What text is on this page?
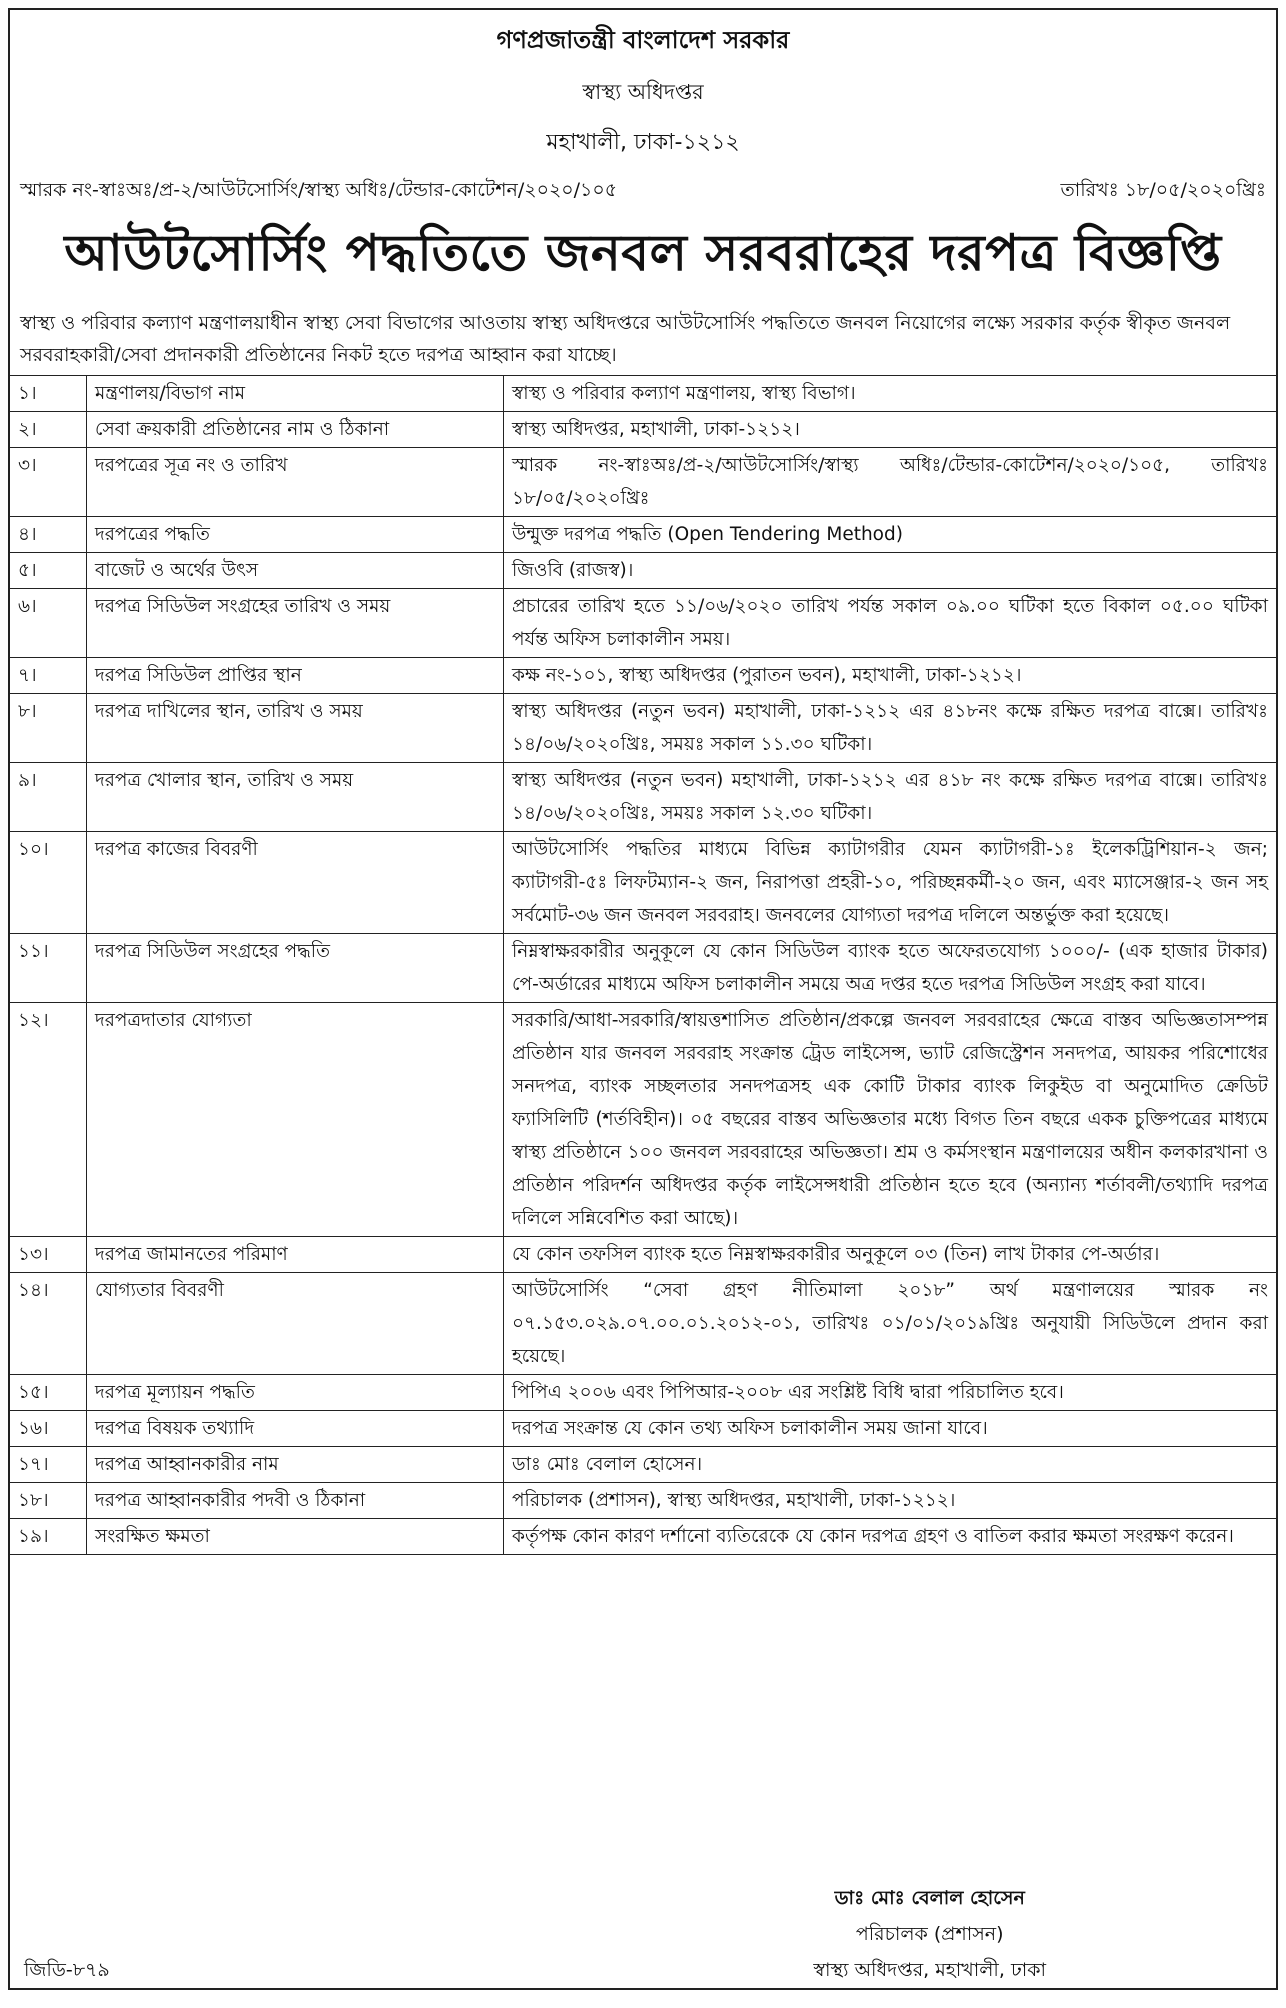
গণপ্রজাতন্ত্রী বাংলাদেশ সরকার
স্বাস্থ্য অধিদপ্তর
মহাখালী, ঢাকা-১২১২
স্মারক নং-স্বাঃঅঃ/প্র-২/আউটসোর্সিং/স্বাস্থ্য অধিঃ/টেন্ডার-কোটেশন/২০২০/১০৫	তারিখঃ ১৮/০৫/২০২০খ্রিঃ
আউটসোর্সিং পদ্ধতিতে জনবল সরবরাহের দরপত্র বিজ্ঞপ্তি
স্বাস্থ্য ও পরিবার কল্যাণ মন্ত্রণালয়াধীন স্বাস্থ্য সেবা বিভাগের আওতায় স্বাস্থ্য অধিদপ্তরে আউটসোর্সিং পদ্ধতিতে জনবল নিয়োগের লক্ষ্যে সরকার কর্তৃক স্বীকৃত জনবল সরবরাহকারী/সেবা প্রদানকারী প্রতিষ্ঠানের নিকট হতে দরপত্র আহ্বান করা যাচ্ছে।
১।	মন্ত্রণালয়/বিভাগ নাম	স্বাস্থ্য ও পরিবার কল্যাণ মন্ত্রণালয়, স্বাস্থ্য বিভাগ।
২।	সেবা ক্রয়কারী প্রতিষ্ঠানের নাম ও ঠিকানা	স্বাস্থ্য অধিদপ্তর, মহাখালী, ঢাকা-১২১২।
৩।	দরপত্রের সূত্র নং ও তারিখ	স্মারক নং-স্বাঃঅঃ/প্র-২/আউটসোর্সিং/স্বাস্থ্য অধিঃ/টেন্ডার-কোটেশন/২০২০/১০৫, তারিখঃ ১৮/০৫/২০২০খ্রিঃ
৪।	দরপত্রের পদ্ধতি	উন্মুক্ত দরপত্র পদ্ধতি (Open Tendering Method)
৫।	বাজেট ও অর্থের উৎস	জিওবি (রাজস্ব)।
৬।	দরপত্র সিডিউল সংগ্রহের তারিখ ও সময়	প্রচারের তারিখ হতে ১১/০৬/২০২০ তারিখ পর্যন্ত সকাল ০৯.০০ ঘটিকা হতে বিকাল ০৫.০০ ঘটিকা পর্যন্ত অফিস চলাকালীন সময়।
৭।	দরপত্র সিডিউল প্রাপ্তির স্থান	কক্ষ নং-১০১, স্বাস্থ্য অধিদপ্তর (পুরাতন ভবন), মহাখালী, ঢাকা-১২১২।
৮।	দরপত্র দাখিলের স্থান, তারিখ ও সময়	স্বাস্থ্য অধিদপ্তর (নতুন ভবন) মহাখালী, ঢাকা-১২১২ এর ৪১৮নং কক্ষে রক্ষিত দরপত্র বাক্সে। তারিখঃ ১৪/০৬/২০২০খ্রিঃ, সময়ঃ সকাল ১১.৩০ ঘটিকা।
৯।	দরপত্র খোলার স্থান, তারিখ ও সময়	স্বাস্থ্য অধিদপ্তর (নতুন ভবন) মহাখালী, ঢাকা-১২১২ এর ৪১৮ নং কক্ষে রক্ষিত দরপত্র বাক্সে। তারিখঃ ১৪/০৬/২০২০খ্রিঃ, সময়ঃ সকাল ১২.৩০ ঘটিকা।
১০।	দরপত্র কাজের বিবরণী	আউটসোর্সিং পদ্ধতির মাধ্যমে বিভিন্ন ক্যাটাগরীর যেমন ক্যাটাগরী-১ঃ ইলেকট্রিশিয়ান-২ জন; ক্যাটাগরী-৫ঃ লিফটম্যান-২ জন, নিরাপত্তা প্রহরী-১০, পরিচ্ছন্নকর্মী-২০ জন, এবং ম্যাসেঞ্জার-২ জন সহ সর্বমোট-৩৬ জন জনবল সরবরাহ। জনবলের যোগ্যতা দরপত্র দলিলে অন্তর্ভুক্ত করা হয়েছে।
১১।	দরপত্র সিডিউল সংগ্রহের পদ্ধতি	নিম্নস্বাক্ষরকারীর অনুকূলে যে কোন সিডিউল ব্যাংক হতে অফেরতযোগ্য ১০০০/- (এক হাজার টাকার) পে-অর্ডারের মাধ্যমে অফিস চলাকালীন সময়ে অত্র দপ্তর হতে দরপত্র সিডিউল সংগ্রহ করা যাবে।
১২।	দরপত্রদাতার যোগ্যতা	সরকারি/আধা-সরকারি/স্বায়ত্তশাসিত প্রতিষ্ঠান/প্রকল্পে জনবল সরবরাহের ক্ষেত্রে বাস্তব অভিজ্ঞতাসম্পন্ন প্রতিষ্ঠান যার জনবল সরবরাহ সংক্রান্ত ট্রেড লাইসেন্স, ভ্যাট রেজিস্ট্রেশন সনদপত্র, আয়কর পরিশোধের সনদপত্র, ব্যাংক সচ্ছলতার সনদপত্রসহ এক কোটি টাকার ব্যাংক লিকুইড বা অনুমোদিত ক্রেডিট ফ্যাসিলিটি (শর্তবিহীন)। ০৫ বছরের বাস্তব অভিজ্ঞতার মধ্যে বিগত তিন বছরে একক চুক্তিপত্রের মাধ্যমে স্বাস্থ্য প্রতিষ্ঠানে ১০০ জনবল সরবরাহের অভিজ্ঞতা। শ্রম ও কর্মসংস্থান মন্ত্রণালয়ের অধীন কলকারখানা ও প্রতিষ্ঠান পরিদর্শন অধিদপ্তর কর্তৃক লাইসেন্সধারী প্রতিষ্ঠান হতে হবে (অন্যান্য শর্তাবলী/তথ্যাদি দরপত্র দলিলে সন্নিবেশিত করা আছে)।
১৩।	দরপত্র জামানতের পরিমাণ	যে কোন তফসিল ব্যাংক হতে নিম্নস্বাক্ষরকারীর অনুকূলে ০৩ (তিন) লাখ টাকার পে-অর্ডার।
১৪।	যোগ্যতার বিবরণী	আউটসোর্সিং “সেবা গ্রহণ নীতিমালা ২০১৮” অর্থ মন্ত্রণালয়ের স্মারক নং ০৭.১৫৩.০২৯.০৭.০০.০১.২০১২-০১, তারিখঃ ০১/০১/২০১৯খ্রিঃ অনুযায়ী সিডিউলে প্রদান করা হয়েছে।
১৫।	দরপত্র মূল্যায়ন পদ্ধতি	পিপিএ ২০০৬ এবং পিপিআর-২০০৮ এর সংশ্লিষ্ট বিধি দ্বারা পরিচালিত হবে।
১৬।	দরপত্র বিষয়ক তথ্যাদি	দরপত্র সংক্রান্ত যে কোন তথ্য অফিস চলাকালীন সময় জানা যাবে।
১৭।	দরপত্র আহ্বানকারীর নাম	ডাঃ মোঃ বেলাল হোসেন।
১৮।	দরপত্র আহ্বানকারীর পদবী ও ঠিকানা	পরিচালক (প্রশাসন), স্বাস্থ্য অধিদপ্তর, মহাখালী, ঢাকা-১২১২।
১৯।	সংরক্ষিত ক্ষমতা	কর্তৃপক্ষ কোন কারণ দর্শানো ব্যতিরেকে যে কোন দরপত্র গ্রহণ ও বাতিল করার ক্ষমতা সংরক্ষণ করেন।
ডাঃ মোঃ বেলাল হোসেন
পরিচালক (প্রশাসন)
স্বাস্থ্য অধিদপ্তর, মহাখালী, ঢাকা
জিডি-৮৭৯
